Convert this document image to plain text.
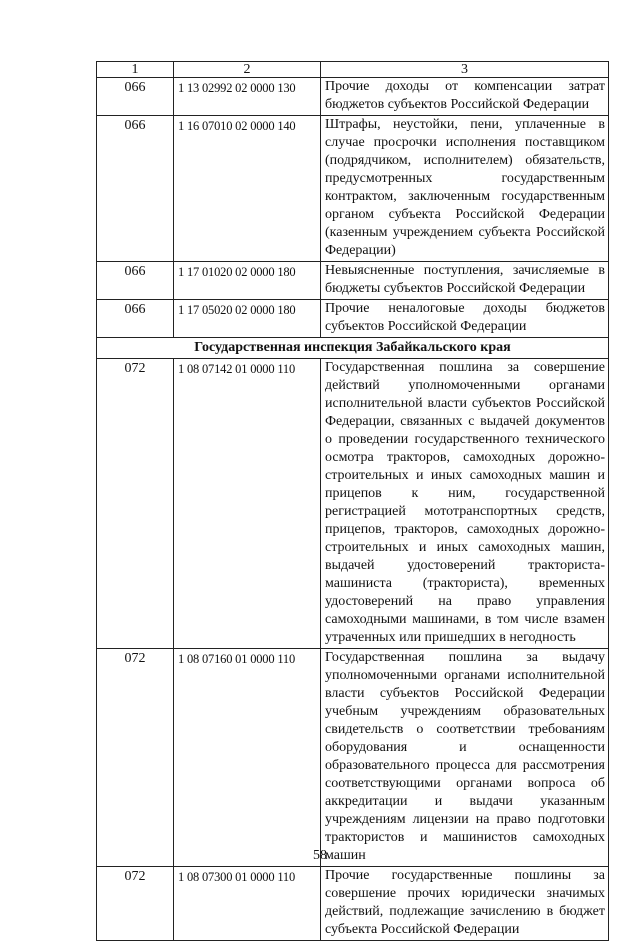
1	2	3
066	1 13 02992 02 0000 130	Прочие доходы от компенсации затрат бюджетов субъектов Российской Федерации
066	1 16 07010 02 0000 140	Штрафы, неустойки, пени, уплаченные в случае просрочки исполнения поставщиком (подрядчиком, исполнителем) обязательств, предусмотренных государственным контрактом, заключенным государственным органом субъекта Российской Федерации (казенным учреждением субъекта Российской Федерации)
066	1 17 01020 02 0000 180	Невыясненные поступления, зачисляемые в бюджеты субъектов Российской Федерации
066	1 17 05020 02 0000 180	Прочие неналоговые доходы бюджетов субъектов Российской Федерации
Государственная инспекция Забайкальского края		
072	1 08 07142 01 0000 110	Государственная пошлина за совершение действий уполномоченными органами исполнительной власти субъектов Российской Федерации, связанных с выдачей документов о проведении государственного технического осмотра тракторов, самоходных дорожно-строительных и иных самоходных машин и прицепов к ним, государственной регистрацией мототранспортных средств, прицепов, тракторов, самоходных дорожно-строительных и иных самоходных машин, выдачей удостоверений тракториста-машиниста (тракториста), временных удостоверений на право управления самоходными машинами, в том числе взамен утраченных или пришедших в негодность
072	1 08 07160 01 0000 110	Государственная пошлина за выдачу уполномоченными органами исполнительной власти субъектов Российской Федерации учебным учреждениям образовательных свидетельств о соответствии требованиям оборудования и оснащенности образовательного процесса для рассмотрения соответствующими органами вопроса об аккредитации и выдачи указанным учреждениям лицензии на право подготовки трактористов и машинистов самоходных машин
072	1 08 07300 01 0000 110	Прочие государственные пошлины за совершение прочих юридически значимых действий, подлежащие зачислению в бюджет субъекта Российской Федерации
58
